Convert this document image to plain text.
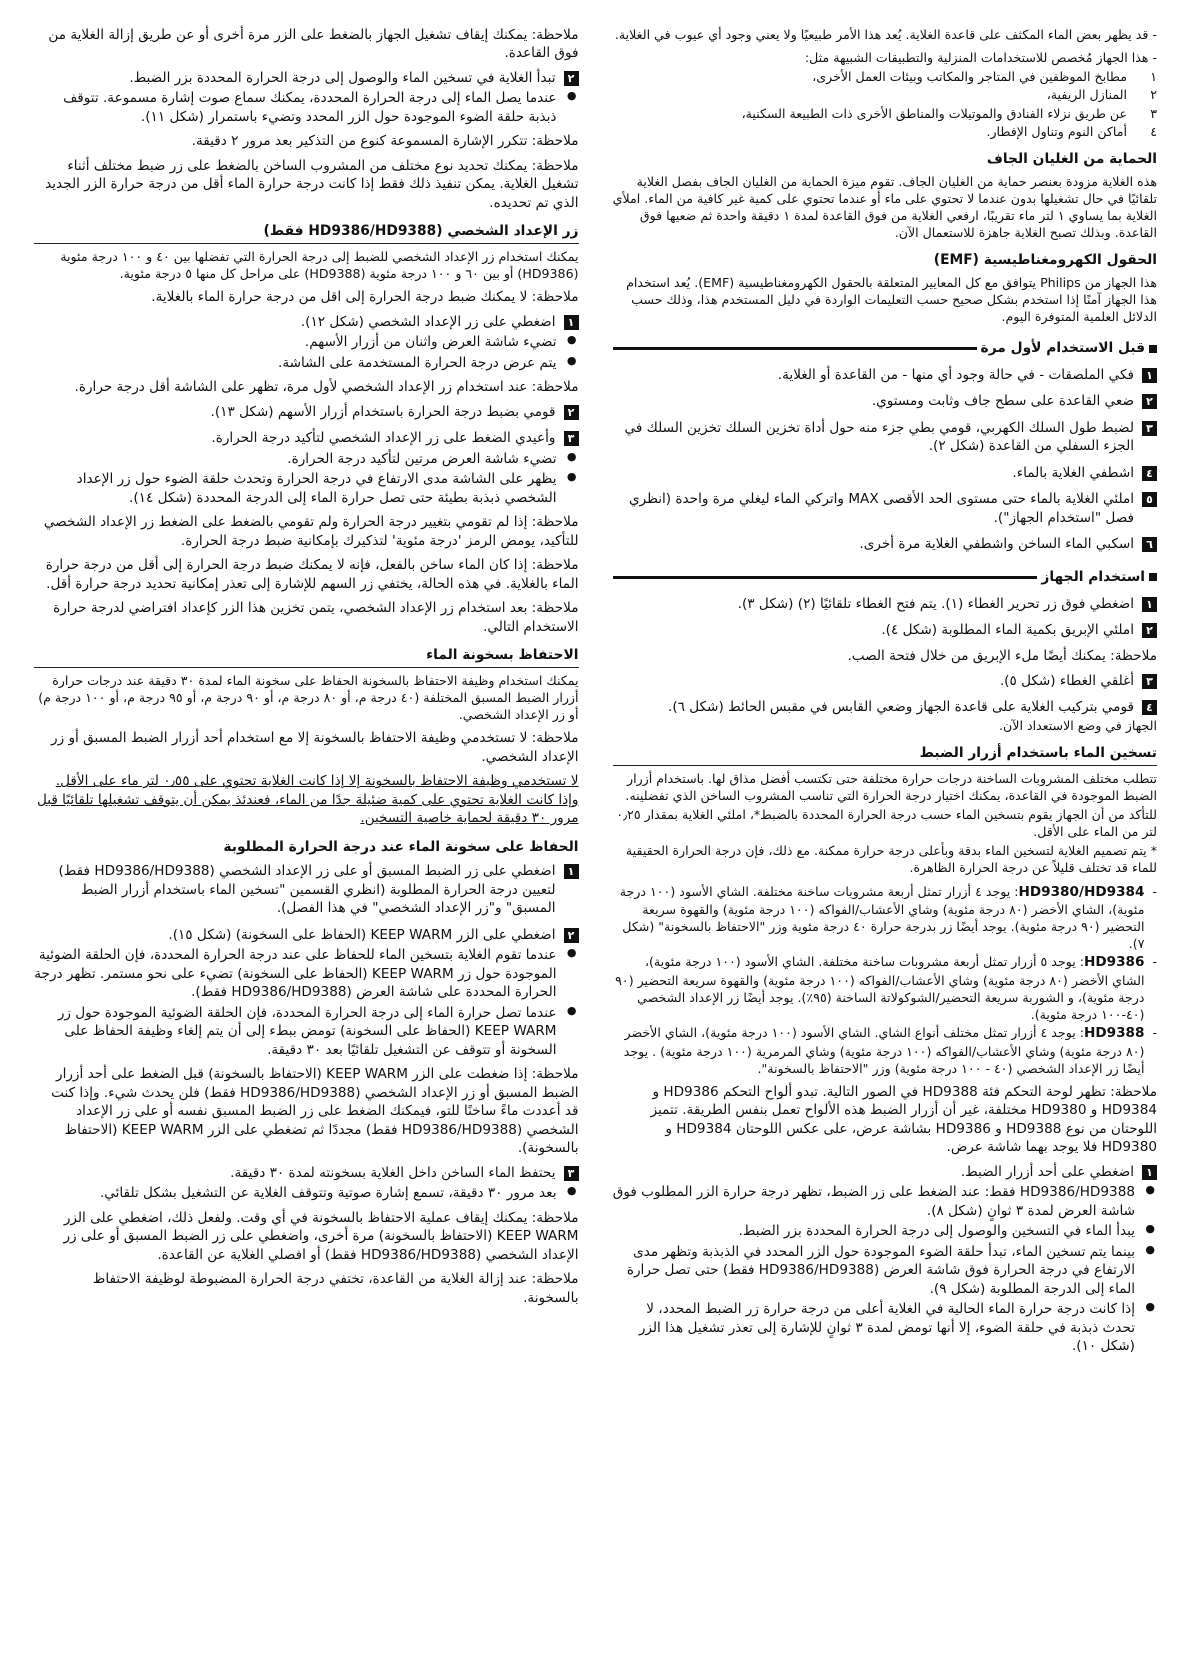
- قد يظهر بعض الماء المكثف على قاعدة الغلاية. يُعد هذا الأمر طبيعيًا ولا يعني وجود أي عيوب في الغلاية.

- هذا الجهاز مُخصص للاستخدامات المنزلية والتطبيقات الشبيهة مثل:

١
مطابخ الموظفين في المتاجر والمكاتب وبيئات العمل الأخرى،
٢
المنازل الريفية،
٣
عن طريق نزلاء الفنادق والموتيلات والمناطق الأخرى ذات الطبيعة السكنية،
٤
أماكن النوم وتناول الإفطار.
الحماية من الغليان الجاف

هذه الغلاية مزودة بعنصر حماية من الغليان الجاف. تقوم ميزة الحماية من الغليان الجاف بفصل الغلاية تلقائيًا في حال تشغيلها بدون عندما لا تحتوي على ماء أو عندما تحتوي على كمية غير كافية من الماء. املأي الغلاية بما يساوي ١ لتر ماء تقريبًا، ارفعي الغلاية من فوق القاعدة لمدة ١ دقيقة واحدة ثم ضعيها فوق القاعدة. وبذلك تصبح الغلاية جاهزة للاستعمال الآن.

الحقول الكهرومغناطيسية (EMF)

هذا الجهاز من Philips يتوافق مع كل المعايير المتعلقة بالحقول الكهرومغناطيسية (EMF). يُعد استخدام هذا الجهاز آمنًا إذا استخدم بشكل صحيح حسب التعليمات الواردة في دليل المستخدم هذا، وذلك حسب الدلائل العلمية المتوفرة اليوم.

قبل الاستخدام لأول مرة
١
فكي الملصقات - في حالة وجود أي منها - من القاعدة أو الغلاية.
٢
ضعي القاعدة على سطح جاف وثابت ومستوي.
٣
لضبط طول السلك الكهربي، قومي بطي جزء منه حول أداة تخزين السلك تخزين السلك في الجزء السفلي من القاعدة (شكل ٢).
٤
اشطفي الغلاية بالماء.
٥
املئي الغلاية بالماء حتى مستوى الحد الأقصى MAX واتركي الماء ليغلي مرة واحدة (انظري فصل "استخدام الجهاز").
٦
اسكبي الماء الساخن واشطفي الغلاية مرة أخرى.
استخدام الجهاز
١
اضغطي فوق زر تحرير الغطاء (١). يتم فتح الغطاء تلقائيًا (٢) (شكل ٣).
٢
املئي الإبريق بكمية الماء المطلوبة (شكل ٤).

ملاحظة: يمكنك أيضًا ملء الإبريق من خلال فتحة الصب.

٣
أغلقي الغطاء (شكل ٥).
٤
قومي بتركيب الغلاية على قاعدة الجهاز وضعي القابس في مقبس الحائط (شكل ٦).

الجهاز في وضع الاستعداد الآن.

تسخين الماء باستخدام أزرار الضبط

تتطلب مختلف المشروبات الساخنة درجات حرارة مختلفة حتى تكتسب أفضل مذاق لها. باستخدام أزرار الضبط الموجودة في القاعدة، يمكنك اختيار درجة الحرارة التي تناسب المشروب الساخن الذي تفضلينه.

للتأكد من أن الجهاز يقوم بتسخين الماء حسب درجة الحرارة المحددة بالضبط*، املئي الغلاية بمقدار ٠٫٢٥ لتر من الماء على الأقل.

* يتم تصميم الغلاية لتسخين الماء بدقة وبأعلى درجة حرارة ممكنة. مع ذلك، فإن درجة الحرارة الحقيقية للماء قد تختلف قليلاً عن درجة الحرارة الظاهرة.

-
HD9380/HD9384: يوجد ٤ أزرار تمثل أربعة مشروبات ساخنة مختلفة. الشاي الأسود (١٠٠ درجة مئوية)، الشاي الأخضر (٨٠ درجة مئوية) وشاي الأعشاب/الفواكه (١٠٠ درجة مئوية) والقهوة سريعة التحضير (٩٠ درجة مئوية). يوجد أيضًا زر بدرجة حرارة ٤٠ درجة مئوية وزر "الاحتفاظ بالسخونة" (شكل ٧).
-
HD9386: يوجد ٥ أزرار تمثل أربعة مشروبات ساخنة مختلفة. الشاي الأسود (١٠٠ درجة مئوية)، الشاي الأخضر (٨٠ درجة مئوية) وشاي الأعشاب/الفواكه (١٠٠ درجة مئوية) والقهوة سريعة التحضير (٩٠ درجة مئوية)، و الشوربة سريعة التحضير/الشوكولاتة الساخنة (٩٥٪). يوجد أيضًا زر الإعداد الشخصي (٤٠-١٠٠ درجة مئوية).
-
HD9388: يوجد ٤ أزرار تمثل مختلف أنواع الشاي. الشاي الأسود (١٠٠ درجة مئوية)، الشاي الأخضر (٨٠ درجة مئوية) وشاي الأعشاب/الفواكه (١٠٠ درجة مئوية) وشاي المرمرية (١٠٠ درجة مئوية) . يوجد أيضًا زر الإعداد الشخصي (٤٠ - ١٠٠ درجة مئوية) وزر "الاحتفاظ بالسخونة".

ملاحظة: تظهر لوحة التحكم فئة HD9388 في الصور التالية. تبدو ألواح التحكم HD9386 و HD9384 و HD9380 مختلفة، غير أن أزرار الضبط هذه الألواح تعمل بنفس الطريقة. تتميز اللوحتان من نوع HD9388 و HD9386 بشاشة عرض، على عكس اللوحتان HD9384 و HD9380 فلا يوجد بهما شاشة عرض.

١
اضغطي على أحد أزرار الضبط.
● HD9386/HD9388 فقط: عند الضغط على زر الضبط، تظهر درجة حرارة الزر المطلوب فوق شاشة العرض لمدة ٣ ثوانٍ (شكل ٨).
● يبدأ الماء في التسخين والوصول إلى درجة الحرارة المحددة بزر الضبط.
● بينما يتم تسخين الماء، تبدأ حلقة الضوء الموجودة حول الزر المحدد في الذبذبة وتظهر مدى الارتفاع في درجة الحرارة فوق شاشة العرض (HD9386/HD9388 فقط) حتى تصل حرارة الماء إلى الدرجة المطلوبة (شكل ٩).
● إذا كانت درجة حرارة الماء الحالية في الغلاية أعلى من درجة حرارة زر الضبط المحدد، لا تحدث ذبذبة في حلقة الضوء، إلا أنها تومض لمدة ٣ ثوانٍ للإشارة إلى تعذر تشغيل هذا الزر (شكل ١٠).

ملاحظة: يمكنك إيقاف تشغيل الجهاز بالضغط على الزر مرة أخرى أو عن طريق إزالة الغلاية من فوق القاعدة.

٢
تبدأ الغلاية في تسخين الماء والوصول إلى درجة الحرارة المحددة بزر الضبط.
● عندما يصل الماء إلى درجة الحرارة المحددة، يمكنك سماع صوت إشارة مسموعة. تتوقف ذبذبة حلقة الضوء الموجودة حول الزر المحدد وتضيء باستمرار (شكل ١١).

ملاحظة: تتكرر الإشارة المسموعة كنوع من التذكير بعد مرور ٢ دقيقة.

ملاحظة: يمكنك تحديد نوع مختلف من المشروب الساخن بالضغط على زر ضبط مختلف أثناء تشغيل الغلاية. يمكن تنفيذ ذلك فقط إذا كانت درجة حرارة الماء أقل من درجة حرارة الزر الجديد الذي تم تحديده.

زر الإعداد الشخصي (HD9386/HD9388 فقط)

يمكنك استخدام زر الإعداد الشخصي للضبط إلى درجة الحرارة التي تفضلها بين ٤٠ و ١٠٠ درجة مئوية (HD9386) أو بين ٦٠ و ١٠٠ درجة مئوية (HD9388) على مراحل كل منها ٥ درجة مئوية.

ملاحظة: لا يمكنك ضبط درجة الحرارة إلى اقل من درجة حرارة الماء بالغلاية.

١
اضغطي على زر الإعداد الشخصي (شكل ١٢).
● تضيء شاشة العرض واثنان من أزرار الأسهم.
● يتم عرض درجة الحرارة المستخدمة على الشاشة.

ملاحظة: عند استخدام زر الإعداد الشخصي لأول مرة، تظهر على الشاشة أقل درجة حرارة.

٢
قومي بضبط درجة الحرارة باستخدام أزرار الأسهم (شكل ١٣).
٣
وأعيدي الضغط على زر الإعداد الشخصي لتأكيد درجة الحرارة.
● تضيء شاشة العرض مرتين لتأكيد درجة الحرارة.
● يظهر على الشاشة مدى الارتفاع في درجة الحرارة وتحدث حلقة الضوء حول زر الإعداد الشخصي ذبذبة بطيئة حتى تصل حرارة الماء إلى الدرجة المحددة (شكل ١٤).

ملاحظة: إذا لم تقومي بتغيير درجة الحرارة ولم تقومي بالضغط على الضغط زر الإعداد الشخصي للتأكيد، يومض الرمز 'درجة مئوية' لتذكيرك بإمكانية ضبط درجة الحرارة.

ملاحظة: إذا كان الماء ساخن بالفعل، فإنه لا يمكنك ضبط درجة الحرارة إلى أقل من درجة حرارة الماء بالغلاية. في هذه الحالة، يختفي زر السهم للإشارة إلى تعذر إمكانية تحديد درجة حرارة أقل.

ملاحظة: بعد استخدام زر الإعداد الشخصي، يتمن تخزين هذا الزر كإعداد افتراضي لدرجة حرارة الاستخدام التالي.

الاحتفاظ بسخونة الماء

يمكنك استخدام وظيفة الاحتفاظ بالسخونة الحفاظ على سخونة الماء لمدة ٣٠ دقيقة عند درجات حرارة أزرار الضبط المسبق المختلفة (٤٠ درجة م، أو ٨٠ درجة م، أو ٩٠ درجة م، أو ٩٥ درجة م، أو ١٠٠ درجة م) أو زر الإعداد الشخصي.

ملاحظة: لا تستخدمي وظيفة الاحتفاظ بالسخونة إلا مع استخدام أحد أزرار الضبط المسبق أو زر الإعداد الشخصي.

لا تستخدمي وظيفة الاحتفاظ بالسخونة إلا إذا كانت الغلاية تحتوي على ٠٫٥٥ لتر ماء على الأقل. وإذا كانت الغلاية تحتوي على كمية ضئيلة جدًا من الماء، فعندئذ يمكن أن يتوقف تشغيلها تلقائيًا قبل مرور ٣٠ دقيقة لحماية خاصية التسخين.

الحفاظ على سخونة الماء عند درجة الحرارة المطلوبة
١
اضغطي على زر الضبط المسبق أو على زر الإعداد الشخصي (HD9386/HD9388 فقط) لتعيين درجة الحرارة المطلوبة (انظري القسمين "تسخين الماء باستخدام أزرار الضبط المسبق" و"زر الإعداد الشخصي" في هذا الفصل).
٢
اضغطي على الزر KEEP WARM (الحفاظ على السخونة) (شكل ١٥).
● عندما تقوم الغلاية بتسخين الماء للحفاظ على عند درجة الحرارة المحددة، فإن الحلقة الضوئية الموجودة حول زر KEEP WARM (الحفاظ على السخونة) تضيء على نحو مستمر. تظهر درجة الحرارة المحددة على شاشة العرض (HD9386/HD9388 فقط).
● عندما تصل حرارة الماء إلى درجة الحرارة المحددة، فإن الحلقة الضوئية الموجودة حول زر KEEP WARM (الحفاظ على السخونة) تومض ببطء إلى أن يتم إلغاء وظيفة الحفاظ على السخونة أو تتوقف عن التشغيل تلقائيًا بعد ٣٠ دقيقة.

ملاحظة: إذا ضغطت على الزر KEEP WARM (الاحتفاظ بالسخونة) قبل الضغط على أحد أزرار الضبط المسبق أو زر الإعداد الشخصي (HD9386/HD9388 فقط) فلن يحدث شيء. وإذا كنت قد أعددت ماءً ساخنًا للتو، فيمكنك الضغط على زر الضبط المسبق نفسه أو على زر الإعداد الشخصي (HD9386/HD9388 فقط) مجددًا ثم تضغطي على الزر KEEP WARM (الاحتفاظ بالسخونة).

٣
يحتفظ الماء الساخن داخل الغلاية بسخونته لمدة ٣٠ دقيقة.
● بعد مرور ٣٠ دقيقة، تسمع إشارة صوتية وتتوقف الغلاية عن التشغيل بشكل تلقائي.

ملاحظة: يمكنك إيقاف عملية الاحتفاظ بالسخونة في أي وقت. ولفعل ذلك، اضغطي على الزر KEEP WARM (الاحتفاظ بالسخونة) مرة أخرى، واضغطي على زر الضبط المسبق أو على زر الإعداد الشخصي (HD9386/HD9388 فقط) أو افصلي الغلاية عن القاعدة.

ملاحظة: عند إزالة الغلاية من القاعدة، تختفي درجة الحرارة المضبوطة لوظيفة الاحتفاظ بالسخونة.
